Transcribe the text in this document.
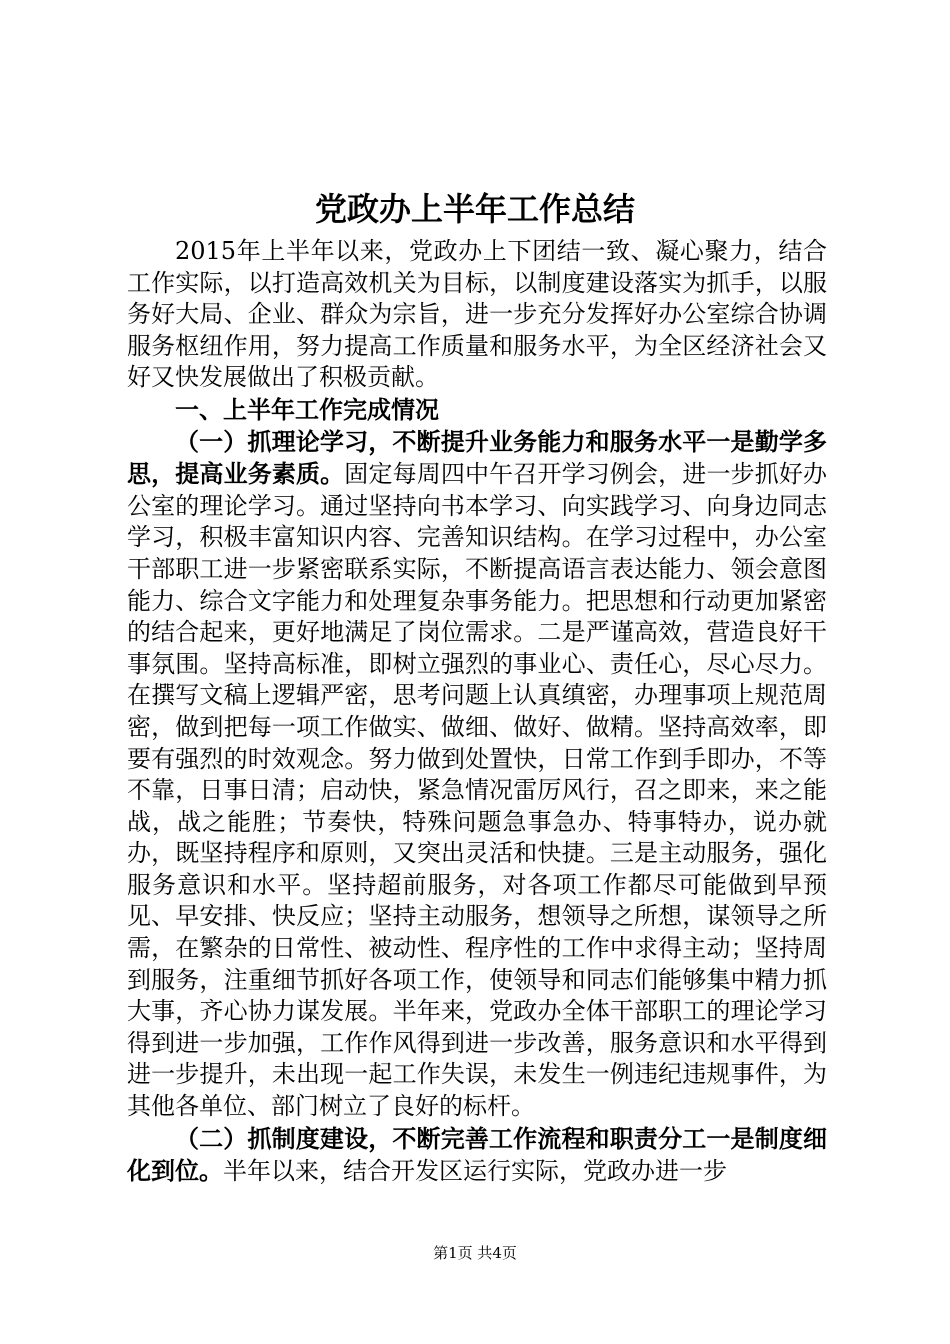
党政办上半年工作总结

2015年上半年以来，党政办上下团结一致、凝心聚力，结合工作实际，以打造高效机关为目标，以制度建设落实为抓手，以服务好大局、企业、群众为宗旨，进一步充分发挥好办公室综合协调服务枢纽作用，努力提高工作质量和服务水平，为全区经济社会又好又快发展做出了积极贡献。

一、上半年工作完成情况

（一）抓理论学习，不断提升业务能力和服务水平一是勤学多思，提高业务素质。固定每周四中午召开学习例会，进一步抓好办公室的理论学习。通过坚持向书本学习、向实践学习、向身边同志学习，积极丰富知识内容、完善知识结构。在学习过程中，办公室干部职工进一步紧密联系实际，不断提高语言表达能力、领会意图能力、综合文字能力和处理复杂事务能力。把思想和行动更加紧密的结合起来，更好地满足了岗位需求。二是严谨高效，营造良好干事氛围。坚持高标准，即树立强烈的事业心、责任心，尽心尽力。在撰写文稿上逻辑严密，思考问题上认真缜密，办理事项上规范周密，做到把每一项工作做实、做细、做好、做精。坚持高效率，即要有强烈的时效观念。努力做到处置快，日常工作到手即办，不等不靠，日事日清；启动快，紧急情况雷厉风行，召之即来，来之能战，战之能胜；节奏快，特殊问题急事急办、特事特办，说办就办，既坚持程序和原则，又突出灵活和快捷。三是主动服务，强化服务意识和水平。坚持超前服务，对各项工作都尽可能做到早预见、早安排、快反应；坚持主动服务，想领导之所想，谋领导之所需，在繁杂的日常性、被动性、程序性的工作中求得主动；坚持周到服务，注重细节抓好各项工作，使领导和同志们能够集中精力抓大事，齐心协力谋发展。半年来，党政办全体干部职工的理论学习得到进一步加强，工作作风得到进一步改善，服务意识和水平得到进一步提升，未出现一起工作失误，未发生一例违纪违规事件，为其他各单位、部门树立了良好的标杆。

（二）抓制度建设，不断完善工作流程和职责分工一是制度细化到位。半年以来，结合开发区运行实际，党政办进一步

第1页 共4页
